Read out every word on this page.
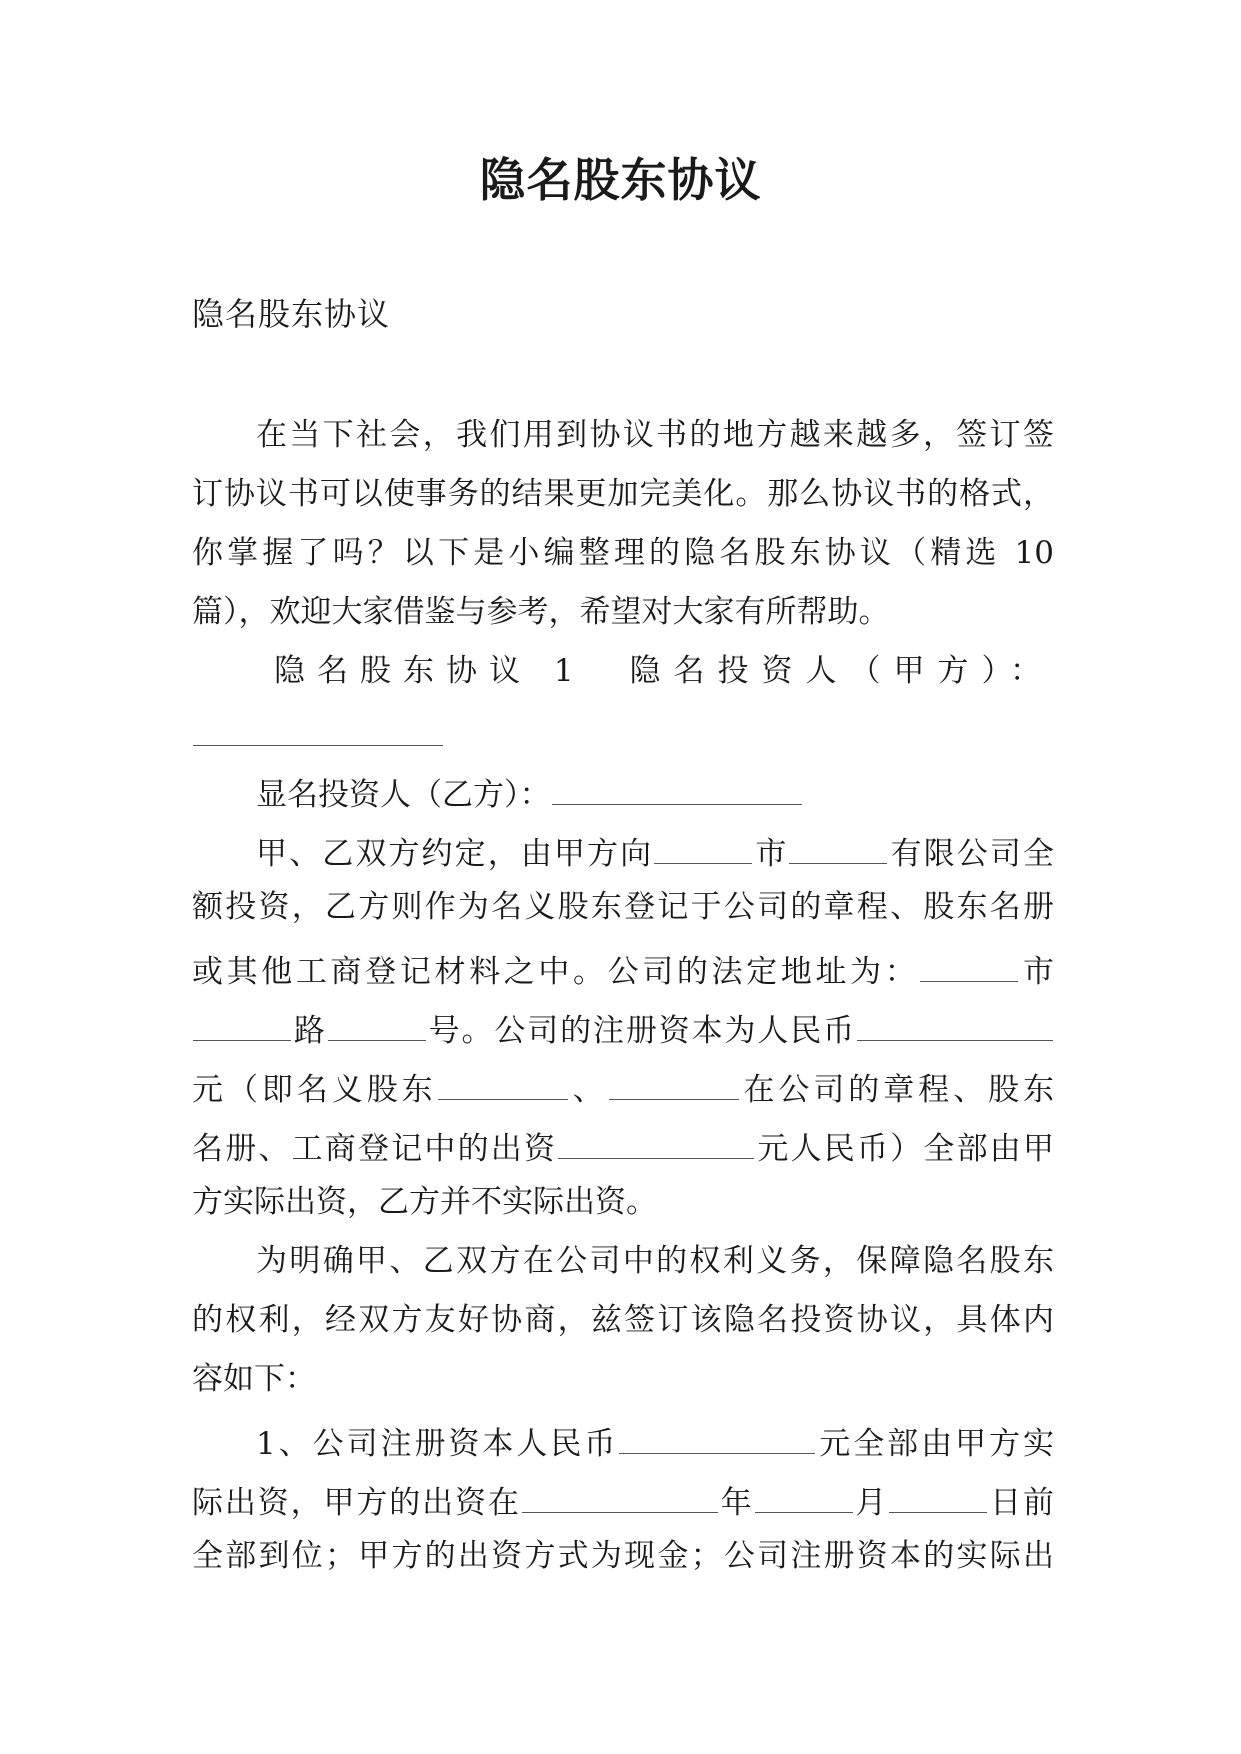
隐名股东协议
隐名股东协议
在当下社会，我们用到协议书的地方越来越多，签订签
订协议书可以使事务的结果更加完美化。那么协议书的格式，
你掌握了吗？以下是小编整理的隐名股东协议（精选 10
篇），欢迎大家借鉴与参考，希望对大家有所帮助。
隐名股东协议 1 隐名投资人（甲方）：
显名投资人（乙方）：
甲、乙双方约定，由甲方向	市	有限公司全
额投资，乙方则作为名义股东登记于公司的章程、股东名册
或其他工商登记材料之中。公司的法定地址为：	市
路	号。公司的注册资本为人民币
元（即名义股东	、	在公司的章程、股东
名册、工商登记中的出资	元人民币）全部由甲
方实际出资，乙方并不实际出资。
为明确甲、乙双方在公司中的权利义务，保障隐名股东
的权利，经双方友好协商，兹签订该隐名投资协议，具体内
容如下：
1、公司注册资本人民币	元全部由甲方实
际出资，甲方的出资在	年	月	日前
全部到位；甲方的出资方式为现金；公司注册资本的实际出
